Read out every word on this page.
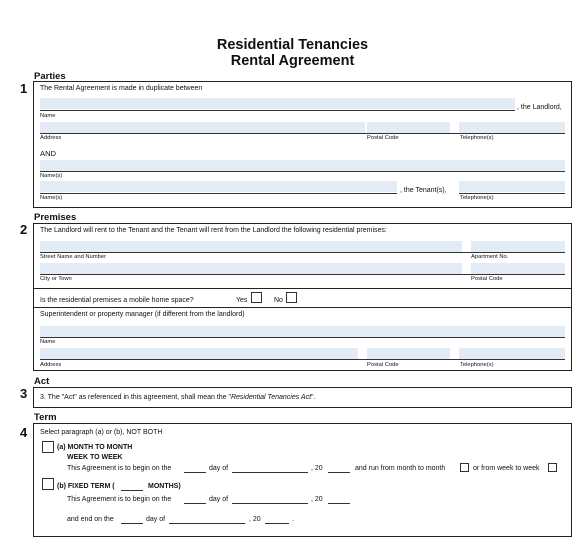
Residential Tenancies
Rental Agreement
Parties
1 The Rental Agreement is made in duplicate between
, the Landlord,
Name
Address	Postal Code	Telephone(s)
AND
Name(s)
, the Tenant(s),
Name(s)	Telephone(s)
Premises
2 The Landlord will rent to the Tenant and the Tenant will rent from the Landlord the following residential premises:
Street Name and Number	Apartment No.
City or Town	Postal Code
Is the residential premises a mobile home space?	Yes	No
Superintendent or property manager (if different from the landlord)
Name
Address	Postal Code	Telephone(s)
Act
3 3. The "Act" as referenced in this agreement, shall mean the "Residential Tenancies Act".
Term
4 Select paragraph (a) or (b), NOT BOTH
(a) MONTH TO MONTH
WEEK TO WEEK
This Agreement is to begin on the	day of	, 20	and run from month to month	or from week to week
(b) FIXED TERM (	MONTHS)
This Agreement is to begin on the	day of	, 20
and end on the	day of	, 20	.
